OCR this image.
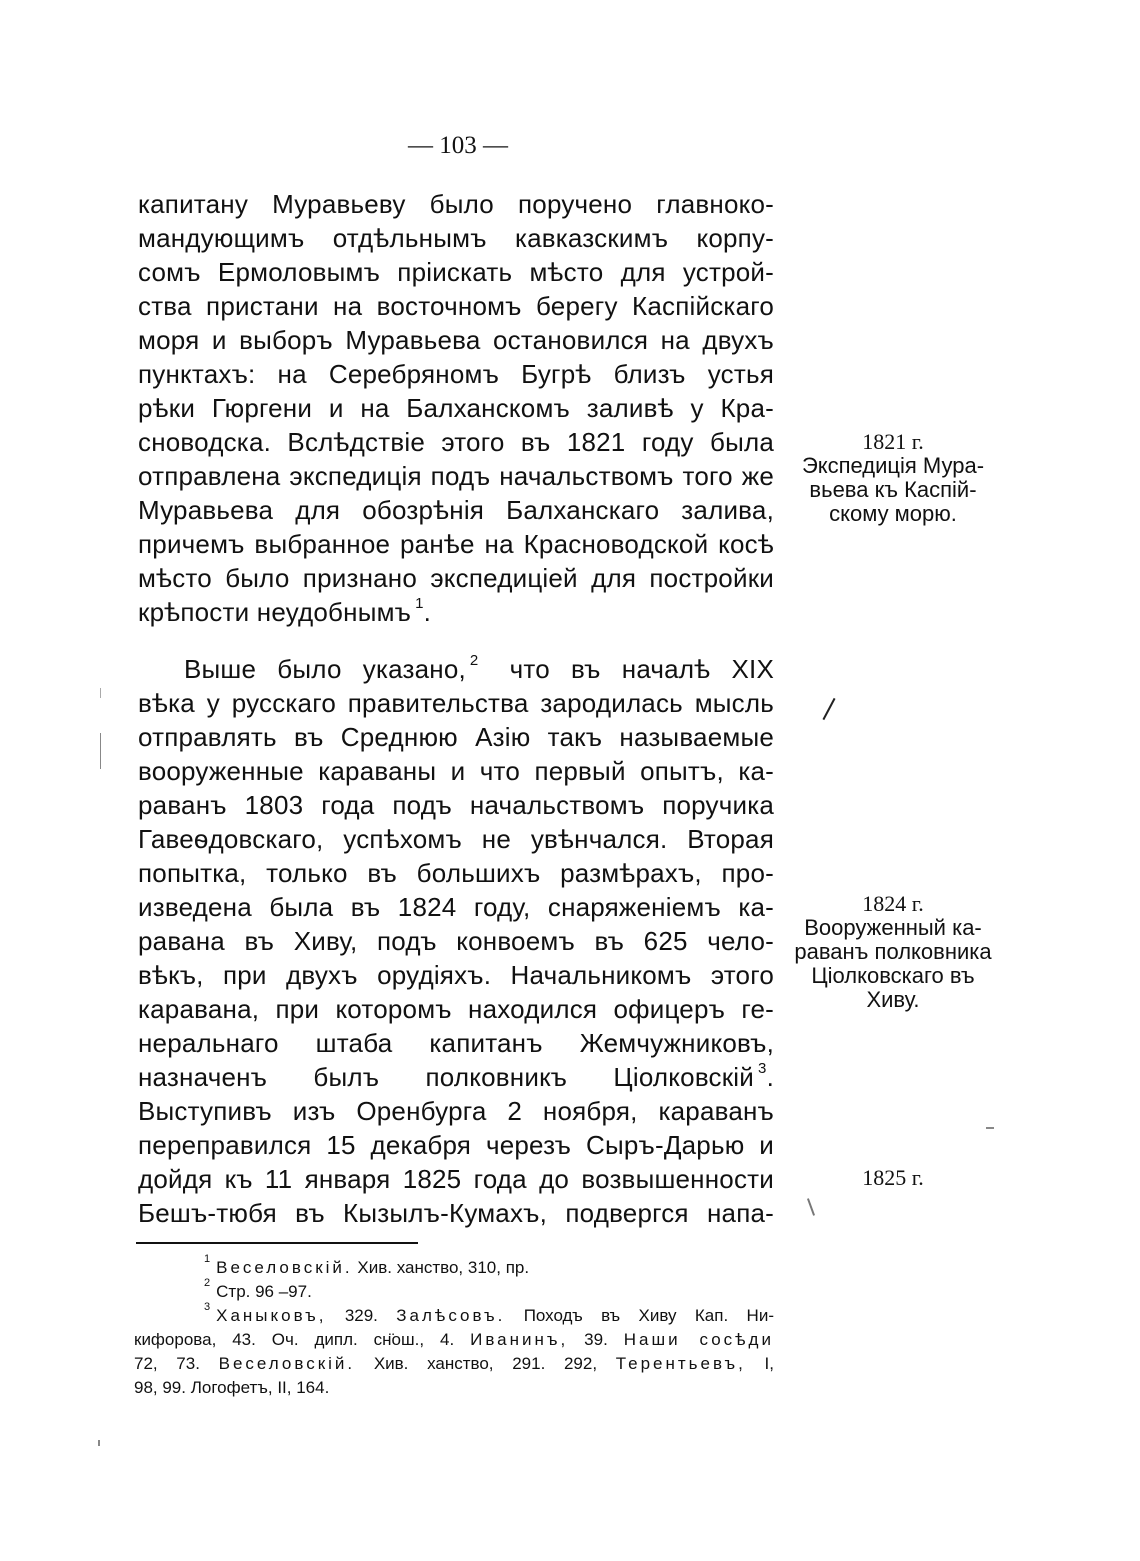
— 103 —
капитану Муравьеву было поручено главноко-
мандующимъ отдѣльнымъ кавказскимъ корпу-
сомъ Ермоловымъ пріискать мѣсто для устрой-
ства пристани на восточномъ берегу Каспійскаго
моря и выборъ Муравьева остановился на двухъ
пунктахъ: на Серебряномъ Бугрѣ близъ устья
рѣки Гюргени и на Балханскомъ заливѣ у Кра-
сноводска. Вслѣдствіе этого въ 1821 году была
отправлена экспедиція подъ начальствомъ того же
Муравьева для обозрѣнія Балханскаго залива,
причемъ выбранное ранѣе на Красноводской косѣ
мѣсто было признано экспедиціей для постройки
крѣпости неудобнымъ $^1$.
Выше было указано, $^2$ что въ началѣ XIX
вѣка у русскаго правительства зародилась мысль
отправлять въ Среднюю Азію такъ называемые
вооруженные караваны и что первый опытъ, ка-
раванъ 1803 года подъ начальствомъ поручика
Гавеѳдовскаго, успѣхомъ не увѣнчался. Вторая
попытка, только въ большихъ размѣрахъ, про-
изведена была въ 1824 году, снаряженіемъ ка-
равана въ Хиву, подъ конвоемъ въ 625 чело-
вѣкъ, при двухъ орудіяхъ. Начальникомъ этого
каравана, при которомъ находился офицеръ ге-
неральнаго штаба капитанъ Жемчужниковъ,
назначенъ былъ полковникъ Ціолковскій $^3$.
Выступивъ изъ Оренбурга 2 ноября, караванъ
переправился 15 декабря черезъ Сыръ-Дарью и
дойдя къ 11 января 1825 года до возвышенности
Бешъ-тюбя въ Кызылъ-Кумахъ, подвергся напа-
1821 г.
Экспедиція Мура-
вьева къ Каспій-
скому морю.
1824 г.
Вооруженный ка-
раванъ полковника
Ціолковскаго въ
Хиву.
1825 г.
$^1$ Веселовскій. Хив. ханство, 310, пр.
$^2$ Стр. 96 –97.
$^3$ Ханыковъ, 329. Залѣсовъ. Походъ въ Хиву Кап. Ни-
кифорова, 43. Оч. дипл. сн̈ош., 4. Иванинъ, 39. Наши сосѣди
72, 73. Веселовскій. Хив. ханство, 291. 292, Терентьевъ, I,
98, 99. Логофетъ, II, 164.
